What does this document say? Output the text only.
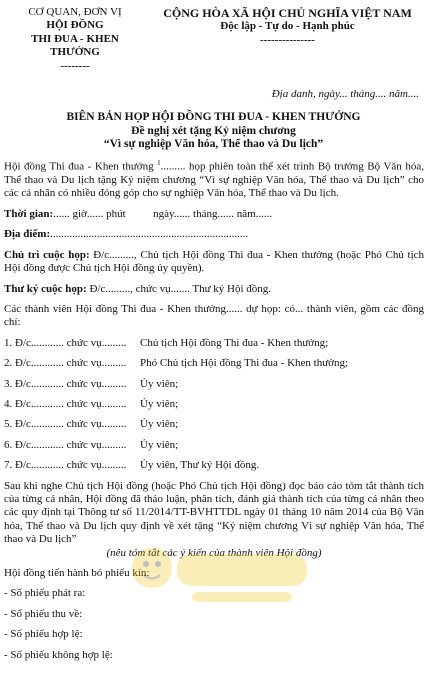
CƠ QUAN, ĐƠN VỊ
HỘI ĐỒNG
THI ĐUA - KHEN
THƯỞNG
--------
CỘNG HÒA XÃ HỘI CHỦ NGHĨA VIỆT NAM
Độc lập - Tự do - Hạnh phúc
---------------
Địa danh, ngày... tháng.... năm....
BIÊN BẢN HỌP HỘI ĐỒNG THI ĐUA - KHEN THƯỞNG
Đề nghị xét tặng Kỷ niệm chương
“Vì sự nghiệp Văn hóa, Thể thao và Du lịch”

Hội đồng Thi đua - Khen thưởng $^1$......... họp phiên toàn thể xét trình Bộ trưởng Bộ Văn hóa, Thể thao và Du lịch tặng Kỷ niệm chương “Vì sự nghiệp Văn hóa, Thể thao và Du lịch” cho các cá nhân có nhiều đóng góp cho sự nghiệp Văn hóa, Thể thao và Du lịch.

Thời gian:...... giờ...... phút          ngày...... tháng...... năm......

Địa điểm:........................................................................

Chủ trì cuộc họp: Đ/c........., Chủ tịch Hội đồng Thi đua - Khen thưởng (hoặc Phó Chủ tịch Hội đồng được Chủ tịch Hội đồng ủy quyền).

Thư ký cuộc họp: Đ/c........., chức vụ....... Thư ký Hội đồng.

Các thành viên Hội đồng Thi đua - Khen thưởng...... dự họp: có... thành viên, gồm các đồng chí:

1. Đ/c............ chức vụ.........	Chủ tịch Hội đồng Thi đua - Khen thưởng;
2. Đ/c............ chức vụ.........	Phó Chủ tịch Hội đồng Thi đua - Khen thưởng;
3. Đ/c............ chức vụ.........	Ủy viên;
4. Đ/c............ chức vụ.........	Ủy viên;
5. Đ/c............ chức vụ.........	Ủy viên;
6. Đ/c............ chức vụ.........	Ủy viên;
7. Đ/c............ chức vụ.........	Ủy viên, Thư ký Hội đồng.

Sau khi nghe Chủ tịch Hội đồng (hoặc Phó Chủ tịch Hội đồng) đọc báo cáo tóm tắt thành tích của từng cá nhân, Hội đồng đã thảo luận, phân tích, đánh giá thành tích của từng cá nhân theo các quy định tại Thông tư số 11/2014/TT-BVHTTDL ngày 01 tháng 10 năm 2014 của Bộ Văn hóa, Thể thao và Du lịch quy định về xét tặng “Kỷ niệm chương Vì sự nghiệp Văn hóa, Thể thao và Du lịch”

(nêu tóm tắt các ý kiến của thành viên Hội đồng)

Hội đồng tiến hành bỏ phiếu kín:

- Số phiếu phát ra:

- Số phiếu thu về:

- Số phiếu hợp lệ:

- Số phiếu không hợp lệ:
